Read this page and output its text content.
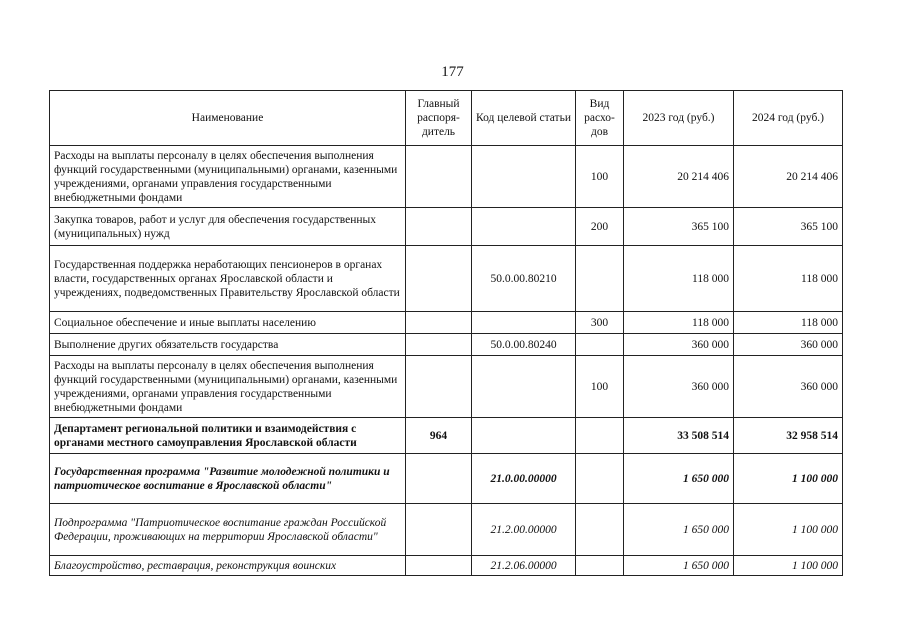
177
Наименование	Главный распоря-дитель	Код целевой статьи	Вид расхо-дов	2023 год (руб.)	2024 год (руб.)
Расходы на выплаты персоналу в целях обеспечения выполнения функций государственными (муниципальными) органами, казенными учреждениями, органами управления государственными внебюджетными фондами			100	20 214 406	20 214 406
Закупка товаров, работ и услуг для обеспечения государственных (муниципальных) нужд			200	365 100	365 100
Государственная поддержка неработающих пенсионеров в органах власти, государственных органах Ярославской области и учреждениях, подведомственных Правительству Ярославской области		50.0.00.80210		118 000	118 000
Социальное обеспечение и иные выплаты населению			300	118 000	118 000
Выполнение других обязательств государства		50.0.00.80240		360 000	360 000
Расходы на выплаты персоналу в целях обеспечения выполнения функций государственными (муниципальными) органами, казенными учреждениями, органами управления государственными внебюджетными фондами			100	360 000	360 000
Департамент региональной политики и взаимодействия с органами местного самоуправления Ярославской области	964			33 508 514	32 958 514
Государственная программа "Развитие молодежной политики и патриотическое воспитание в Ярославской области"		21.0.00.00000		1 650 000	1 100 000
Подпрограмма "Патриотическое воспитание граждан Российской Федерации, проживающих на территории Ярославской области"		21.2.00.00000		1 650 000	1 100 000
Благоустройство, реставрация, реконструкция воинских		21.2.06.00000		1 650 000	1 100 000
